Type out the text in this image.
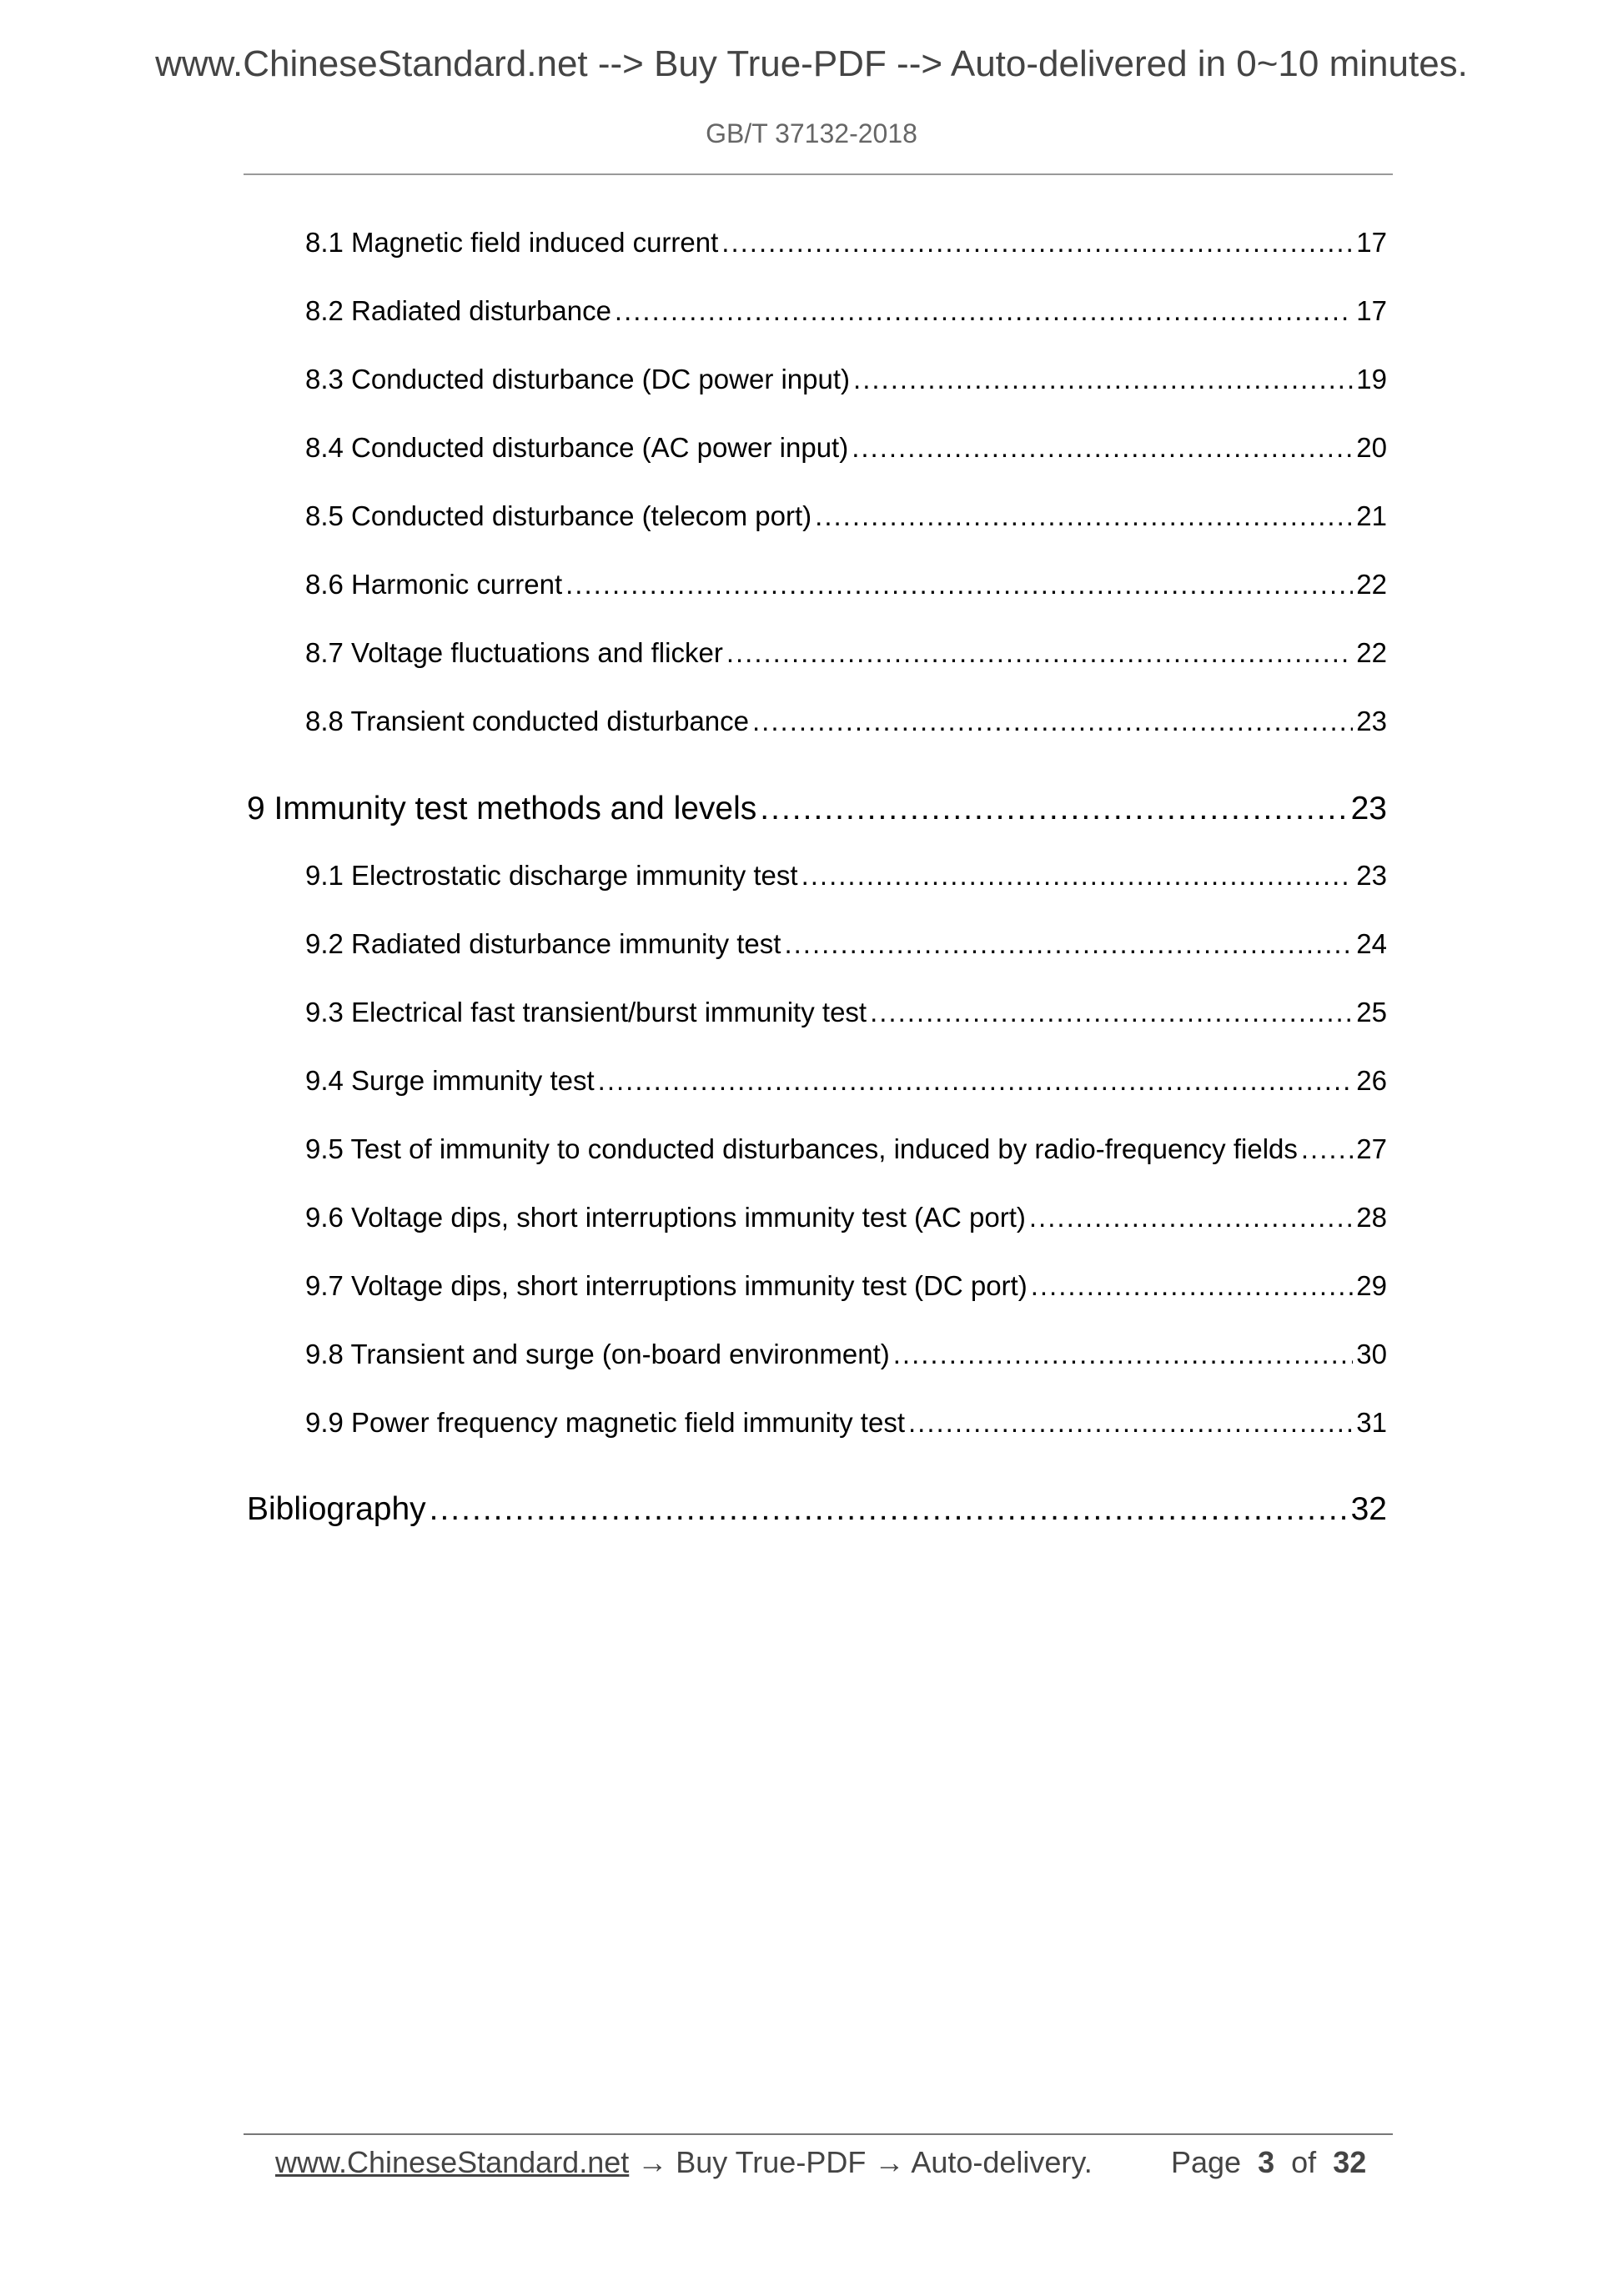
www.ChineseStandard.net --> Buy True-PDF --> Auto-delivered in 0~10 minutes.
GB/T 37132-2018
8.1 Magnetic field induced current .....	17
8.2 Radiated disturbance .....	17
8.3 Conducted disturbance (DC power input) .....	19
8.4 Conducted disturbance (AC power input) .....	20
8.5 Conducted disturbance (telecom port) .....	21
8.6 Harmonic current .....	22
8.7 Voltage fluctuations and flicker .....	22
8.8 Transient conducted disturbance .....	23
9 Immunity test methods and levels .....	23
9.1 Electrostatic discharge immunity test .....	23
9.2 Radiated disturbance immunity test .....	24
9.3 Electrical fast transient/burst immunity test .....	25
9.4 Surge immunity test .....	26
9.5 Test of immunity to conducted disturbances, induced by radio-frequency fields ..... 27
9.6 Voltage dips, short interruptions immunity test (AC port) .....	28
9.7 Voltage dips, short interruptions immunity test (DC port) .....	29
9.8 Transient and surge (on-board environment) .....	30
9.9 Power frequency magnetic field immunity test .....	31
Bibliography .....	32
www.ChineseStandard.net → Buy True-PDF → Auto-delivery.	Page 3 of 32
